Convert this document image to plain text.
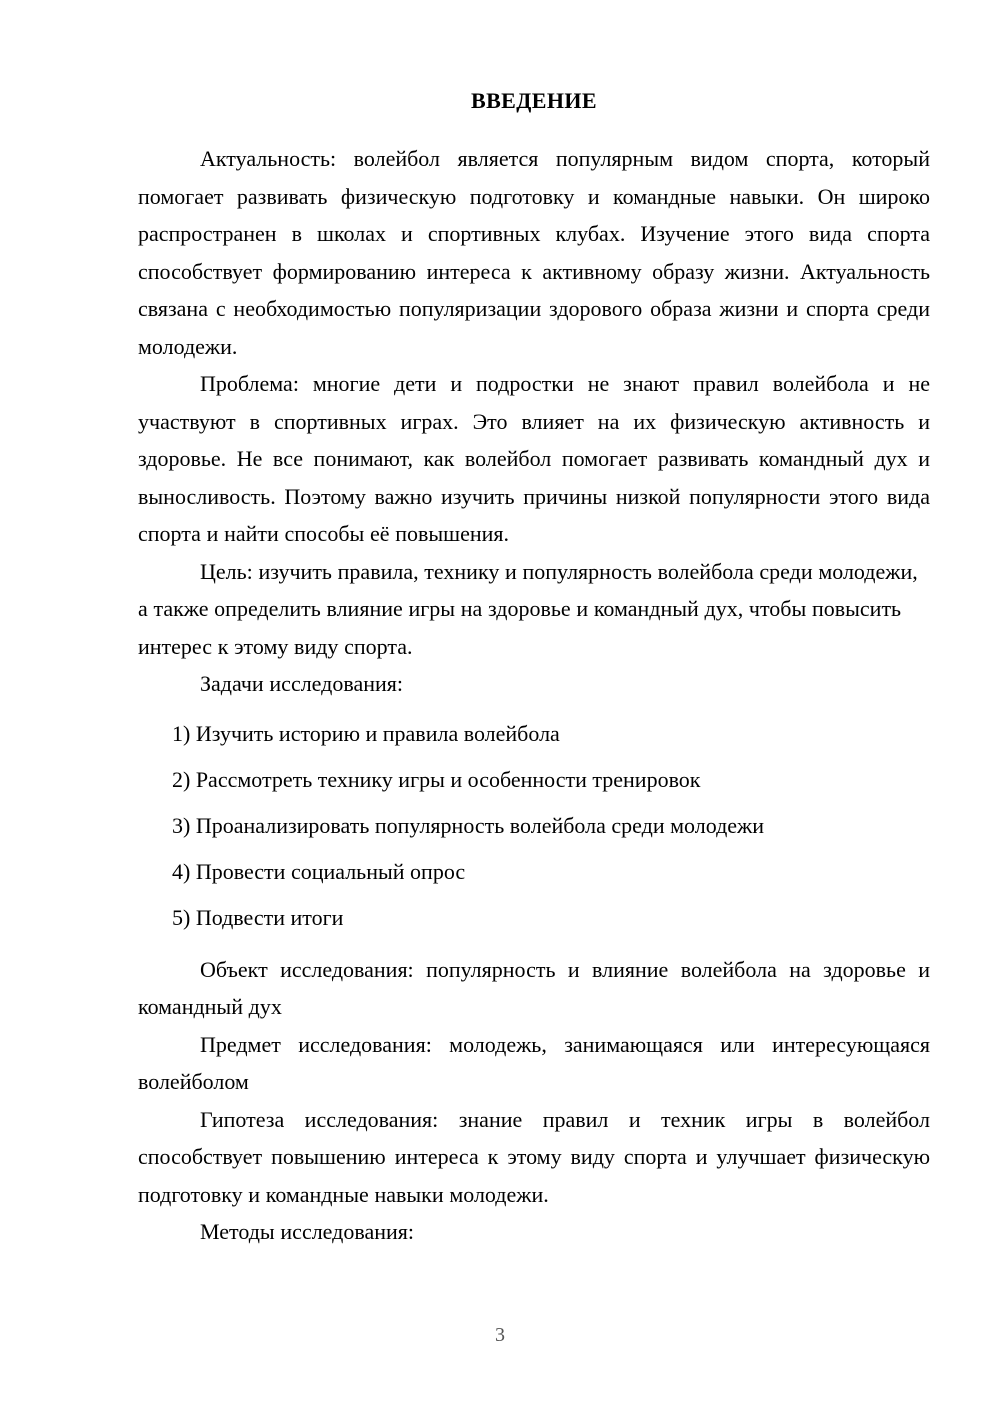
ВВЕДЕНИЕ

Актуальность: волейбол является популярным видом спорта, который помогает развивать физическую подготовку и командные навыки. Он широко распространен в школах и спортивных клубах. Изучение этого вида спорта способствует формированию интереса к активному образу жизни. Актуальность связана с необходимостью популяризации здорового образа жизни и спорта среди молодежи.

Проблема: многие дети и подростки не знают правил волейбола и не участвуют в спортивных играх. Это влияет на их физическую активность и здоровье. Не все понимают, как волейбол помогает развивать командный дух и выносливость. Поэтому важно изучить причины низкой популярности этого вида спорта и найти способы её повышения.

Цель: изучить правила, технику и популярность волейбола среди молодежи, а также определить влияние игры на здоровье и командный дух, чтобы повысить интерес к этому виду спорта.

Задачи исследования:

1) Изучить историю и правила волейбола
2) Рассмотреть технику игры и особенности тренировок
3) Проанализировать популярность волейбола среди молодежи
4) Провести социальный опрос
5) Подвести итоги

Объект исследования: популярность и влияние волейбола на здоровье и командный дух

Предмет исследования: молодежь, занимающаяся или интересующаяся волейболом

Гипотеза исследования: знание правил и техник игры в волейбол способствует повышению интереса к этому виду спорта и улучшает физическую подготовку и командные навыки молодежи.

Методы исследования:

3
